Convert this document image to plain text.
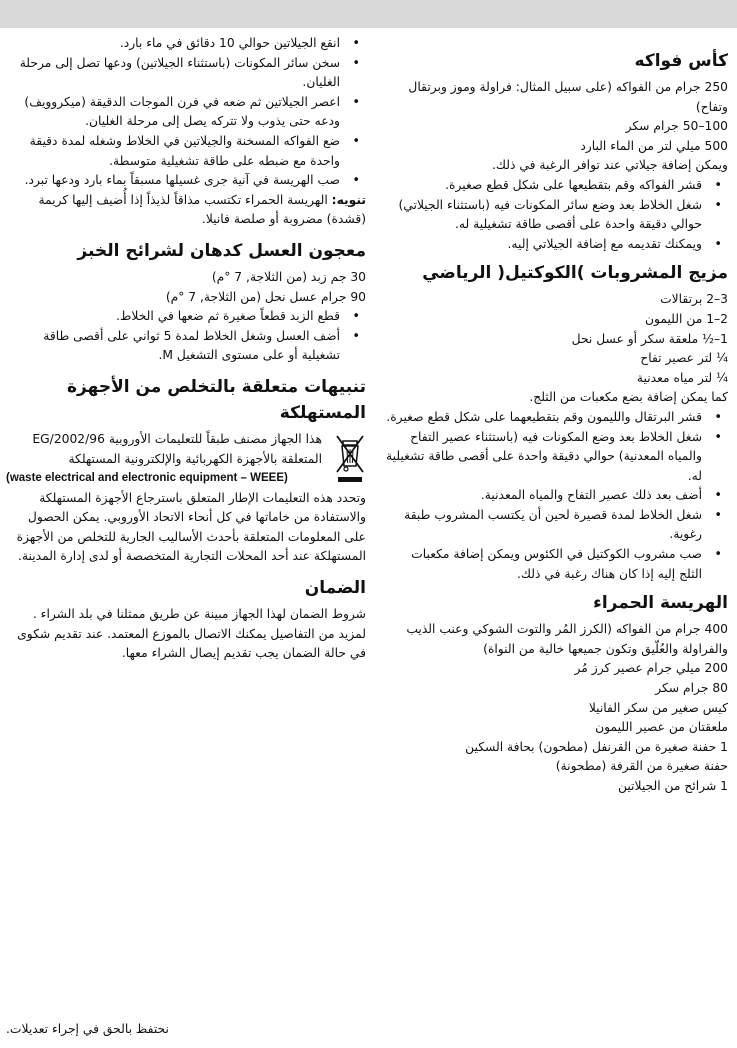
كأس فواكه

250 جرام من الفواكه (على سبيل المثال: فراولة وموز وبرتقال وتفاح)

100–50 جرام سكر

500 ميلي لتر من الماء البارد

ويمكن إضافة جيلاتي عند توافر الرغبة في ذلك.

• قشر الفواكه وقم بتقطيعها على شكل قطع صغيرة.
• شغل الخلاط بعد وضع سائر المكونات فيه (باستثناء الجيلاتي) حوالي دقيقة واحدة على أقصى طاقة تشغيلية له.
• ويمكنك تقديمه مع إضافة الجيلاتي إليه.
مزيج المشروبات )الكوكتيل( الرياضي

3–2 برتقالات

2–1 من الليمون

1–½ ملعقة سكر أو عسل نحل

¼ لتر عصير تفاح

¼ لتر مياه معدنية

كما يمكن إضافة بضع مكعبات من الثلج.

• قشر البرتقال والليمون وقم بتقطيعهما على شكل قطع صغيرة.
• شغل الخلاط بعد وضع المكونات فيه (باستثناء عصير التفاح والمياه المعدنية) حوالي دقيقة واحدة على أقصى طاقة تشغيلية له.
• أضف بعد ذلك عصير التفاح والمياه المعدنية.
• شغل الخلاط لمدة قصيرة لحين أن يكتسب المشروب طبقة رغوية.
• صب مشروب الكوكتيل في الكئوس ويمكن إضافة مكعبات الثلج إليه إذا كان هناك رغبة في ذلك.
الهريسة الحمراء

400 جرام من الفواكه (الكرز المُر والتوت الشوكي وعنب الذيب والفراولة والعُلّيق وتكون جميعها خالية من النواة)

200 ميلي جرام عصير كرز مُر

80 جرام سكر

كيس صغير من سكر الفانيلا

ملعقتان من عصير الليمون

1 حفنة صغيرة من القرنفل (مطحون) بحافة السكين

حفنة صغيرة من القرفة (مطحونة)

1 شرائح من الجيلاتين

• انقع الجيلاتين حوالي 10 دقائق في ماء بارد.
• سخن سائر المكونات (باستثناء الجيلاتين) ودعها تصل إلى مرحلة الغليان.
• اعصر الجيلاتين ثم ضعه في فرن الموجات الدقيقة (ميكروويف) ودعه حتى يذوب ولا تتركه يصل إلى مرحلة الغليان.
• ضع الفواكه المسخنة والجيلاتين في الخلاط وشغله لمدة دقيقة واحدة مع ضبطه على طاقة تشغيلية متوسطة.
• صب الهريسة في آنية جرى غسيلها مسبقاً بماء بارد ودعها تبرد.

تنويه: الهريسة الحمراء تكتسب مذاقاً لذيذاً إذا أُضيف إليها كريمة (قشدة) مضروبة أو صلصة فانيلا.

معجون العسل كدهان لشرائح الخبز

30 جم زبد (من الثلاجة, 7 °م)

90 جرام عسل نحل (من الثلاجة, 7 °م)

• قطع الزبد قطعاً صغيرة ثم ضعها في الخلاط.
• أضف العسل وشغل الخلاط لمدة 5 ثواني على أقصى طاقة تشغيلية أو على مستوى التشغيل M.
تنبيهات متعلقة بالتخلص من الأجهزة المستهلكة

هذا الجهاز مصنف طبقاً للتعليمات الأوروبية 2002/96/EG المتعلقة بالأجهزة الكهربائية والإلكترونية المستهلكة

(waste electrical and electronic equipment – WEEE)

وتحدد هذه التعليمات الإطار المتعلق باسترجاع الأجهزة المستهلكة والاستفادة من خاماتها في كل أنحاء الاتحاد الأوروبي. يمكن الحصول على المعلومات المتعلقة بأحدث الأساليب الجارية للتخلص من الأجهزة المستهلكة عند أحد المحلات التجارية المتخصصة أو لدى إدارة المدينة.

الضمان

شروط الضمان لهذا الجهاز مبينة عن طريق ممثلنا في بلد الشراء . لمزيد من التفاصيل يمكنك الاتصال بالموزع المعتمد. عند تقديم شكوى في حالة الضمان يجب تقديم إيصال الشراء معها.

نحتفظ بالحق في إجراء تعديلات.
